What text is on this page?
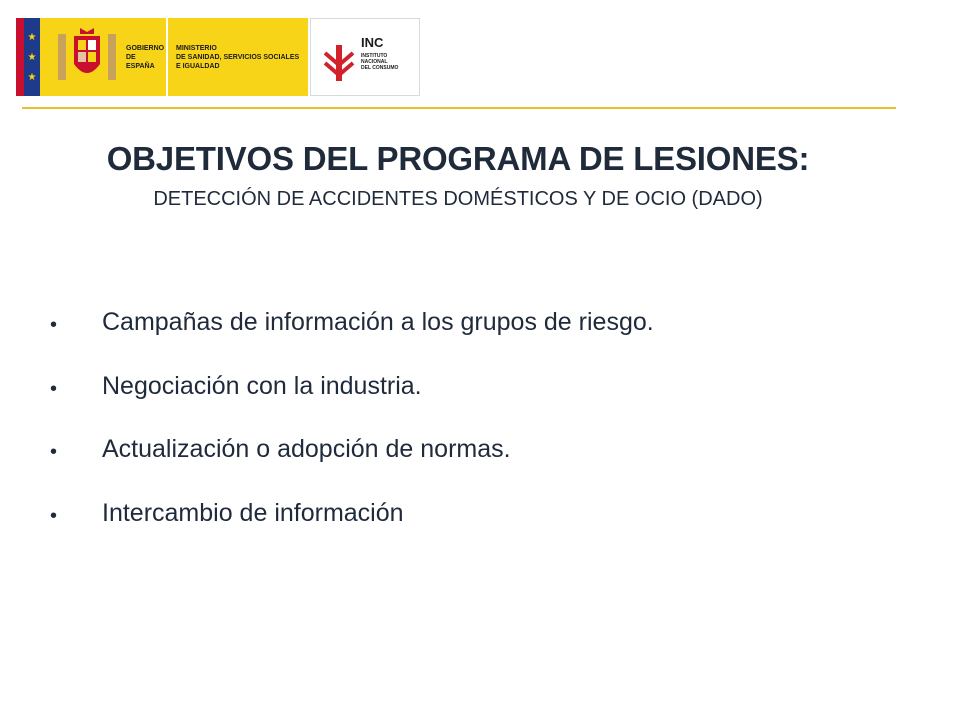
★
★
★
GOBIERNO
DE ESPAÑA
MINISTERIO
DE SANIDAD, SERVICIOS SOCIALES
E IGUALDAD
INC
INSTITUTO
NACIONAL
DEL CONSUMO
OBJETIVOS DEL PROGRAMA DE LESIONES:
DETECCIÓN DE ACCIDENTES DOMÉSTICOS Y DE OCIO (DADO)
• Campañas de información a los grupos de riesgo.
• Negociación con la industria.
• Actualización o adopción de normas.
• Intercambio de información
